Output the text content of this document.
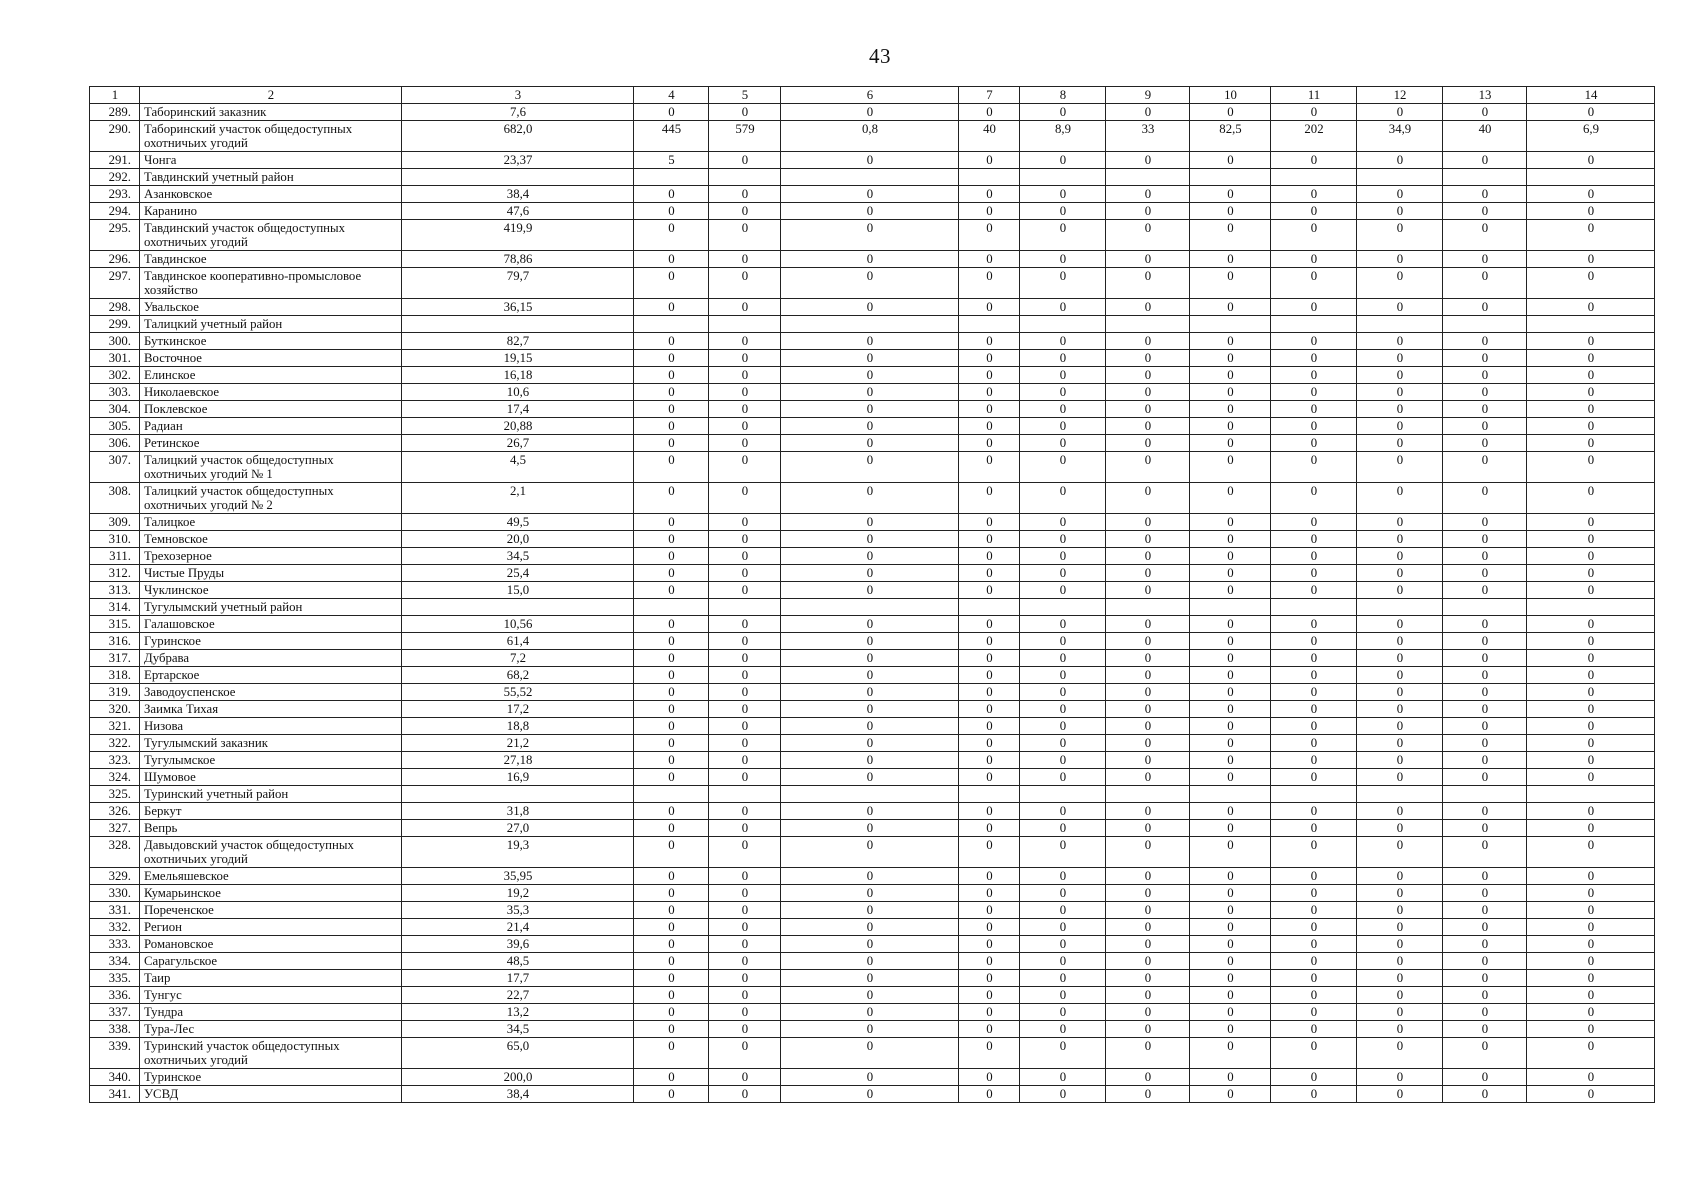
43
1	2	3	4	5	6	7	8	9	10	11	12	13	14
289.	Таборинский заказник	7,6	0	0	0	0	0	0	0	0	0	0	0
290.	Таборинский участок общедоступных охотничьих угодий	682,0	445	579	0,8	40	8,9	33	82,5	202	34,9	40	6,9
291.	Чонга	23,37	5	0	0	0	0	0	0	0	0	0	0
292.	Тавдинский учетный район												
293.	Азанковское	38,4	0	0	0	0	0	0	0	0	0	0	0
294.	Каранино	47,6	0	0	0	0	0	0	0	0	0	0	0
295.	Тавдинский участок общедоступных охотничьих угодий	419,9	0	0	0	0	0	0	0	0	0	0	0
296.	Тавдинское	78,86	0	0	0	0	0	0	0	0	0	0	0
297.	Тавдинское кооперативно-промысловое хозяйство	79,7	0	0	0	0	0	0	0	0	0	0	0
298.	Увальское	36,15	0	0	0	0	0	0	0	0	0	0	0
299.	Талицкий учетный район												
300.	Буткинское	82,7	0	0	0	0	0	0	0	0	0	0	0
301.	Восточное	19,15	0	0	0	0	0	0	0	0	0	0	0
302.	Елинское	16,18	0	0	0	0	0	0	0	0	0	0	0
303.	Николаевское	10,6	0	0	0	0	0	0	0	0	0	0	0
304.	Поклевское	17,4	0	0	0	0	0	0	0	0	0	0	0
305.	Радиан	20,88	0	0	0	0	0	0	0	0	0	0	0
306.	Ретинское	26,7	0	0	0	0	0	0	0	0	0	0	0
307.	Талицкий участок общедоступных охотничьих угодий № 1	4,5	0	0	0	0	0	0	0	0	0	0	0
308.	Талицкий участок общедоступных охотничьих угодий № 2	2,1	0	0	0	0	0	0	0	0	0	0	0
309.	Талицкое	49,5	0	0	0	0	0	0	0	0	0	0	0
310.	Темновское	20,0	0	0	0	0	0	0	0	0	0	0	0
311.	Трехозерное	34,5	0	0	0	0	0	0	0	0	0	0	0
312.	Чистые Пруды	25,4	0	0	0	0	0	0	0	0	0	0	0
313.	Чуклинское	15,0	0	0	0	0	0	0	0	0	0	0	0
314.	Тугулымский учетный район												
315.	Галашовское	10,56	0	0	0	0	0	0	0	0	0	0	0
316.	Гуринское	61,4	0	0	0	0	0	0	0	0	0	0	0
317.	Дубрава	7,2	0	0	0	0	0	0	0	0	0	0	0
318.	Ертарское	68,2	0	0	0	0	0	0	0	0	0	0	0
319.	Заводоуспенское	55,52	0	0	0	0	0	0	0	0	0	0	0
320.	Заимка Тихая	17,2	0	0	0	0	0	0	0	0	0	0	0
321.	Низова	18,8	0	0	0	0	0	0	0	0	0	0	0
322.	Тугулымский заказник	21,2	0	0	0	0	0	0	0	0	0	0	0
323.	Тугулымское	27,18	0	0	0	0	0	0	0	0	0	0	0
324.	Шумовое	16,9	0	0	0	0	0	0	0	0	0	0	0
325.	Туринский учетный район												
326.	Беркут	31,8	0	0	0	0	0	0	0	0	0	0	0
327.	Вепрь	27,0	0	0	0	0	0	0	0	0	0	0	0
328.	Давыдовский участок общедоступных охотничьих угодий	19,3	0	0	0	0	0	0	0	0	0	0	0
329.	Емельяшевское	35,95	0	0	0	0	0	0	0	0	0	0	0
330.	Кумарьинское	19,2	0	0	0	0	0	0	0	0	0	0	0
331.	Пореченское	35,3	0	0	0	0	0	0	0	0	0	0	0
332.	Регион	21,4	0	0	0	0	0	0	0	0	0	0	0
333.	Романовское	39,6	0	0	0	0	0	0	0	0	0	0	0
334.	Сарагульское	48,5	0	0	0	0	0	0	0	0	0	0	0
335.	Таир	17,7	0	0	0	0	0	0	0	0	0	0	0
336.	Тунгус	22,7	0	0	0	0	0	0	0	0	0	0	0
337.	Тундра	13,2	0	0	0	0	0	0	0	0	0	0	0
338.	Тура-Лес	34,5	0	0	0	0	0	0	0	0	0	0	0
339.	Туринский участок общедоступных охотничьих угодий	65,0	0	0	0	0	0	0	0	0	0	0	0
340.	Туринское	200,0	0	0	0	0	0	0	0	0	0	0	0
341.	УСВД	38,4	0	0	0	0	0	0	0	0	0	0	0
